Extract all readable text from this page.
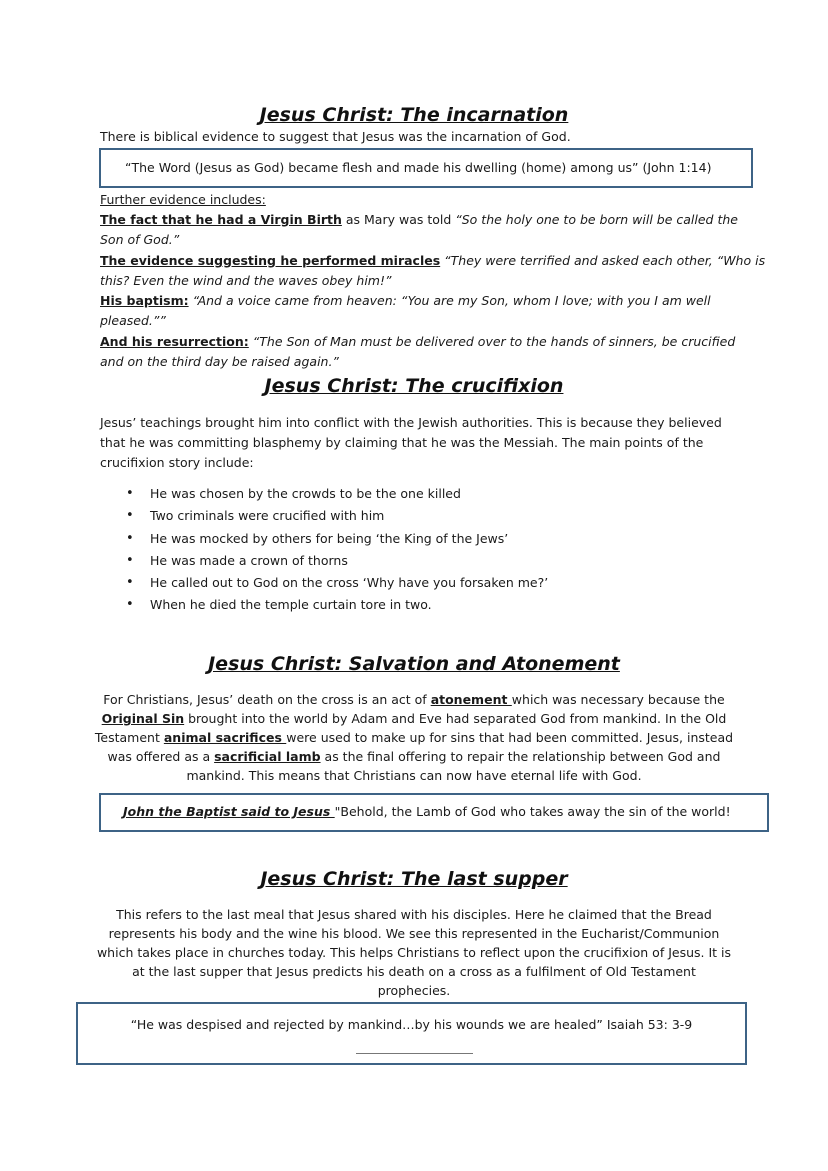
Jesus Christ: The incarnation
There is biblical evidence to suggest that Jesus was the incarnation of God.
“The Word (Jesus as God) became flesh and made his dwelling (home) among us” (John 1:14)
Further evidence includes:
The fact that he had a Virgin Birth as Mary was told “So the holy one to be born will be called the
Son of God.”
The evidence suggesting he performed miracles “They were terrified and asked each other, “Who is
this? Even the wind and the waves obey him!”
His baptism: “And a voice came from heaven: “You are my Son, whom I love; with you I am well
pleased.””
And his resurrection: “The Son of Man must be delivered over to the hands of sinners, be crucified
and on the third day be raised again.”
Jesus Christ: The crucifixion
Jesus’ teachings brought him into conflict with the Jewish authorities. This is because they believed
that he was committing blasphemy by claiming that he was the Messiah. The main points of the
crucifixion story include:
• He was chosen by the crowds to be the one killed
• Two criminals were crucified with him
• He was mocked by others for being ‘the King of the Jews’
• He was made a crown of thorns
• He called out to God on the cross ‘Why have you forsaken me?’
• When he died the temple curtain tore in two.
Jesus Christ: Salvation and Atonement
For Christians, Jesus’ death on the cross is an act of atonement which was necessary because the
Original Sin brought into the world by Adam and Eve had separated God from mankind. In the Old
Testament animal sacrifices were used to make up for sins that had been committed. Jesus, instead
was offered as a sacrificial lamb as the final offering to repair the relationship between God and
mankind. This means that Christians can now have eternal life with God.
John the Baptist said to Jesus "Behold, the Lamb of God who takes away the sin of the world!
Jesus Christ: The last supper
This refers to the last meal that Jesus shared with his disciples. Here he claimed that the Bread
represents his body and the wine his blood. We see this represented in the Eucharist/Communion
which takes place in churches today. This helps Christians to reflect upon the crucifixion of Jesus. It is
at the last supper that Jesus predicts his death on a cross as a fulfilment of Old Testament
prophecies.
“He was despised and rejected by mankind…by his wounds we are healed” Isaiah 53: 3-9
